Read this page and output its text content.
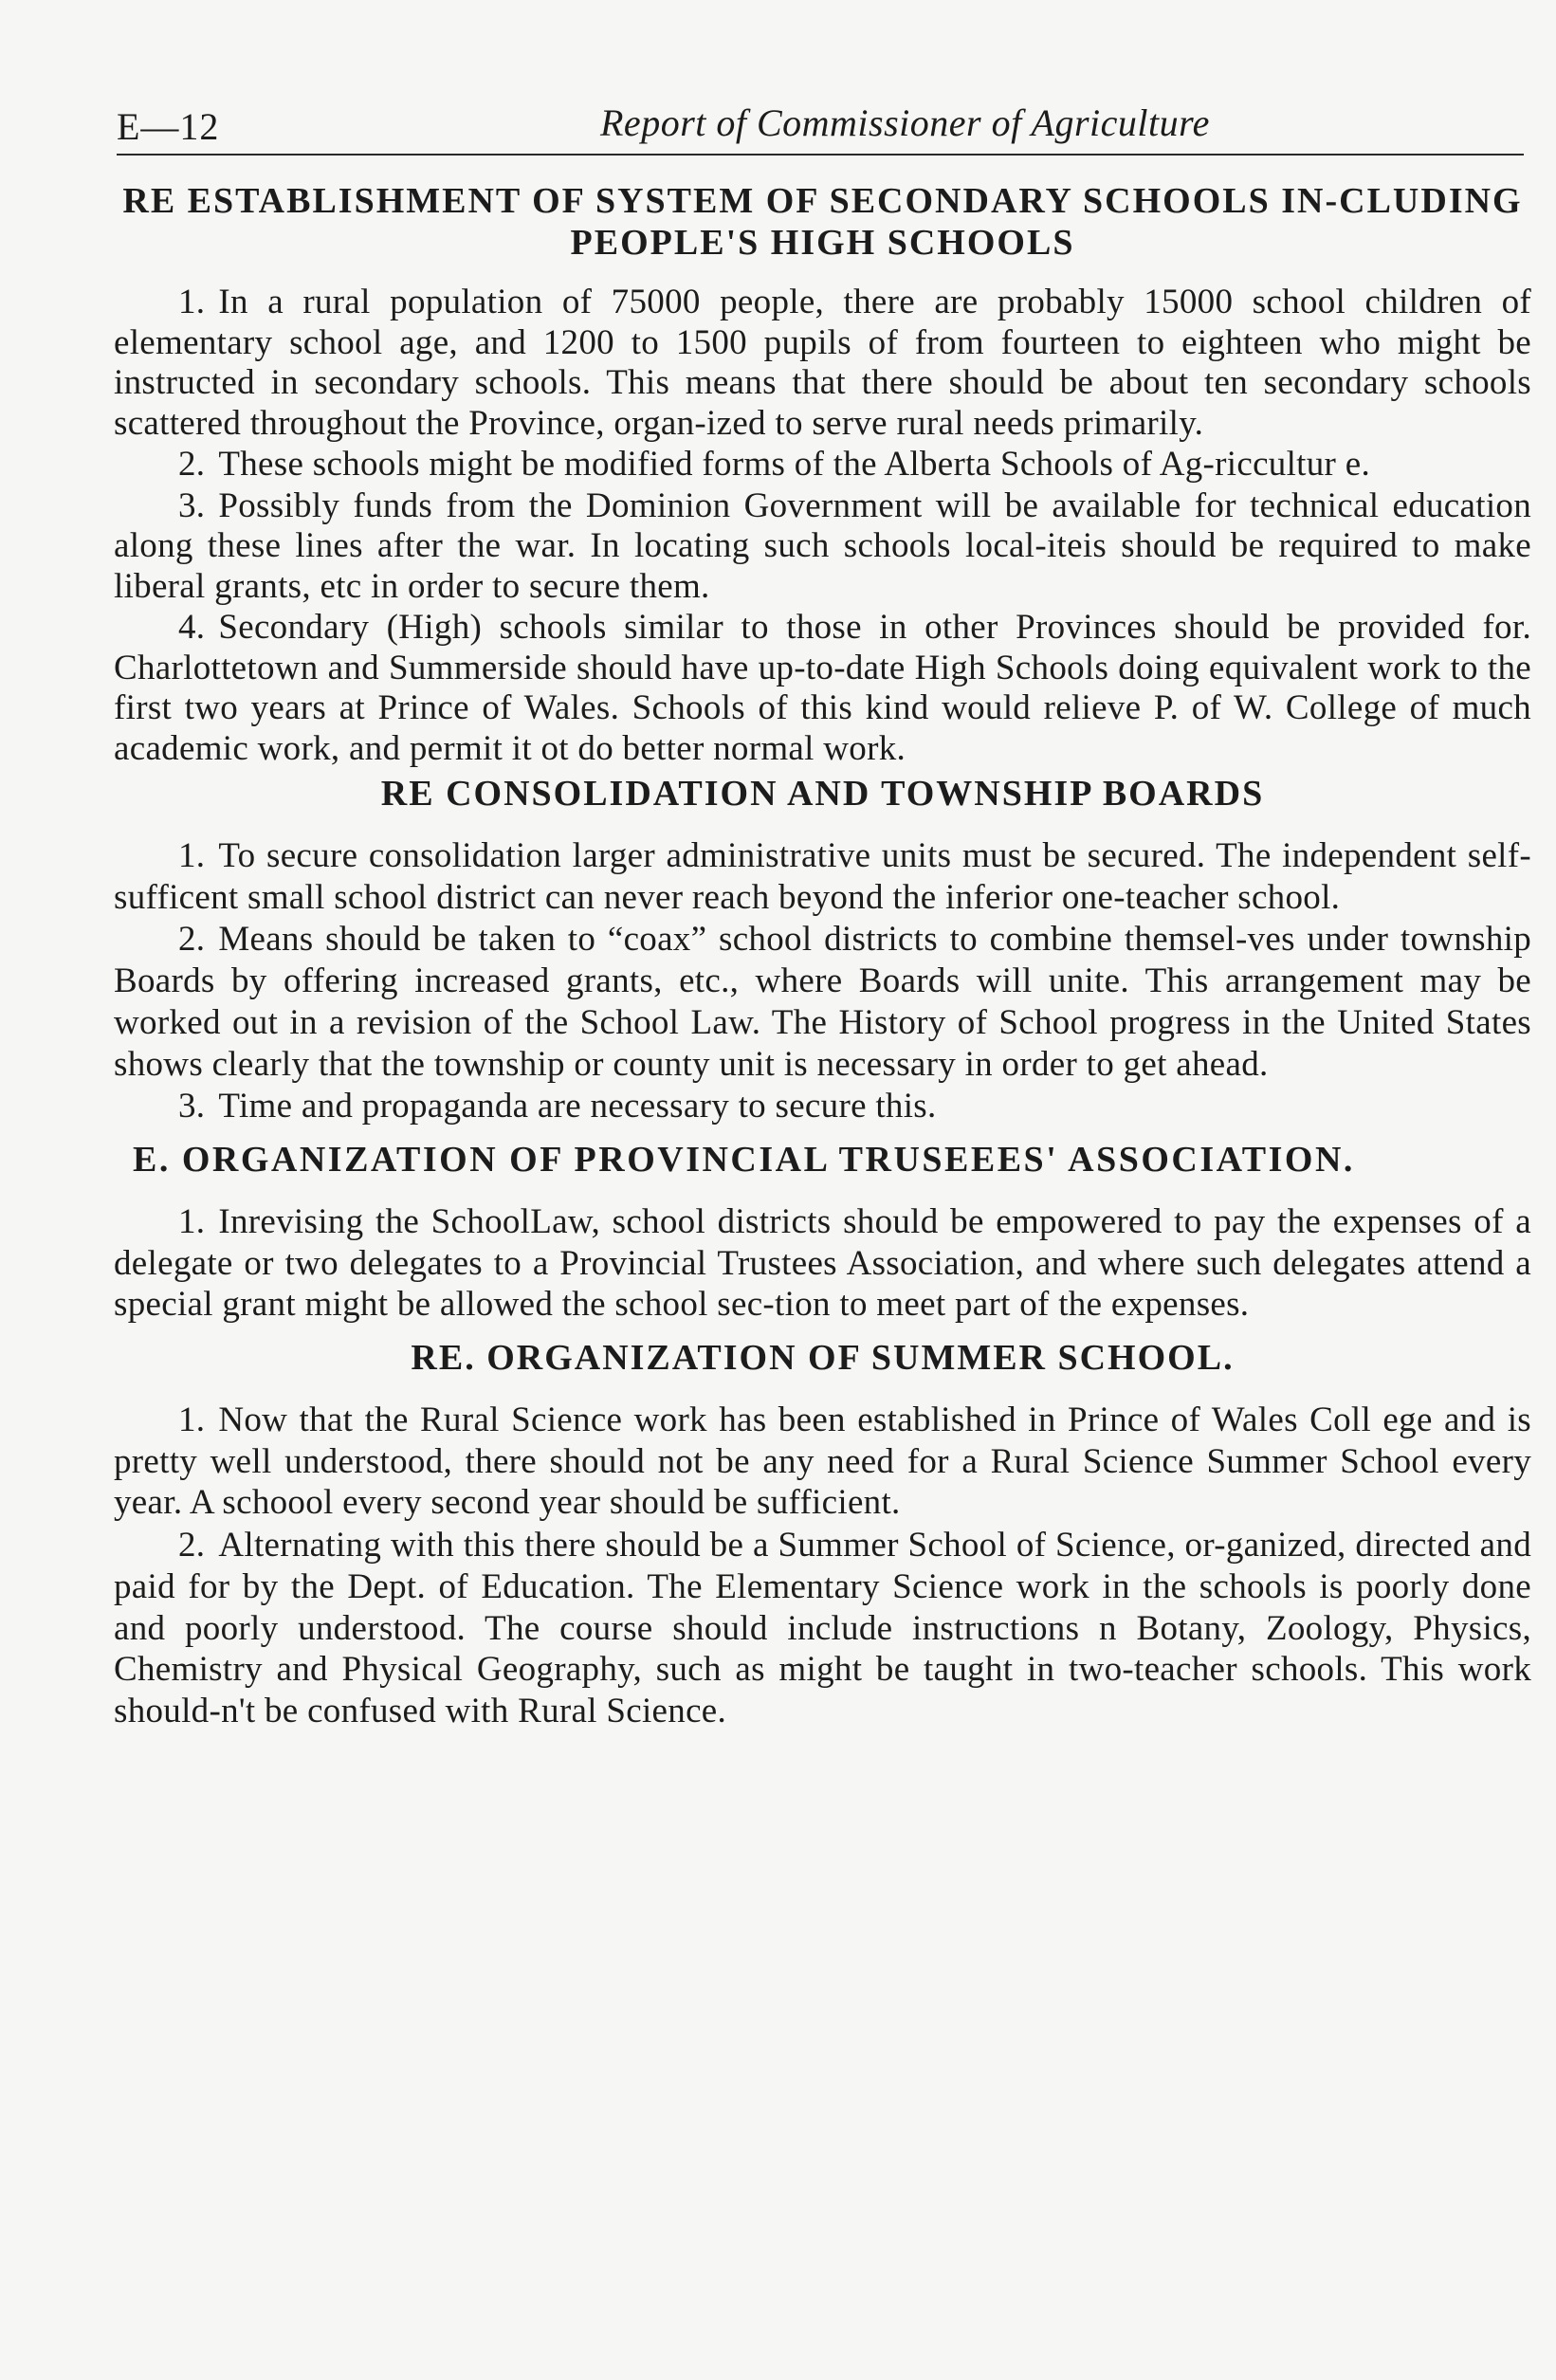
E—12	Report of Commissioner of Agriculture
RE ESTABLISHMENT OF SYSTEM OF SECONDARY SCHOOLS IN-CLUDING PEOPLE'S HIGH SCHOOLS

1. In a rural population of 75000 people, there are probably 15000 school children of elementary school age, and 1200 to 1500 pupils of from fourteen to eighteen who might be instructed in secondary schools. This means that there should be about ten secondary schools scattered throughout the Province, organ-ized to serve rural needs primarily.

2. These schools might be modified forms of the Alberta Schools of Ag-riccultur e.

3. Possibly funds from the Dominion Government will be available for technical education along these lines after the war. In locating such schools local-iteis should be required to make liberal grants, etc in order to secure them.

4. Secondary (High) schools similar to those in other Provinces should be provided for. Charlottetown and Summerside should have up-to-date High Schools doing equivalent work to the first two years at Prince of Wales. Schools of this kind would relieve P. of W. College of much academic work, and permit it ot do better normal work.

RE CONSOLIDATION AND TOWNSHIP BOARDS

1. To secure consolidation larger administrative units must be secured. The independent self-sufficent small school district can never reach beyond the inferior one-teacher school.

2. Means should be taken to “coax” school districts to combine themsel-ves under township Boards by offering increased grants, etc., where Boards will unite. This arrangement may be worked out in a revision of the School Law. The History of School progress in the United States shows clearly that the township or county unit is necessary in order to get ahead.

3. Time and propaganda are necessary to secure this.

E. ORGANIZATION OF PROVINCIAL TRUSEEES' ASSOCIATION.

1. Inrevising the SchoolLaw, school districts should be empowered to pay the expenses of a delegate or two delegates to a Provincial Trustees Association, and where such delegates attend a special grant might be allowed the school sec-tion to meet part of the expenses.

RE. ORGANIZATION OF SUMMER SCHOOL.

1. Now that the Rural Science work has been established in Prince of Wales Coll ege and is pretty well understood, there should not be any need for a Rural Science Summer School every year. A schoool every second year should be sufficient.

2. Alternating with this there should be a Summer School of Science, or-ganized, directed and paid for by the Dept. of Education. The Elementary Science work in the schools is poorly done and poorly understood. The course should include instructions n Botany, Zoology, Physics, Chemistry and Physical Geography, such as might be taught in two-teacher schools. This work should-n't be confused with Rural Science.
